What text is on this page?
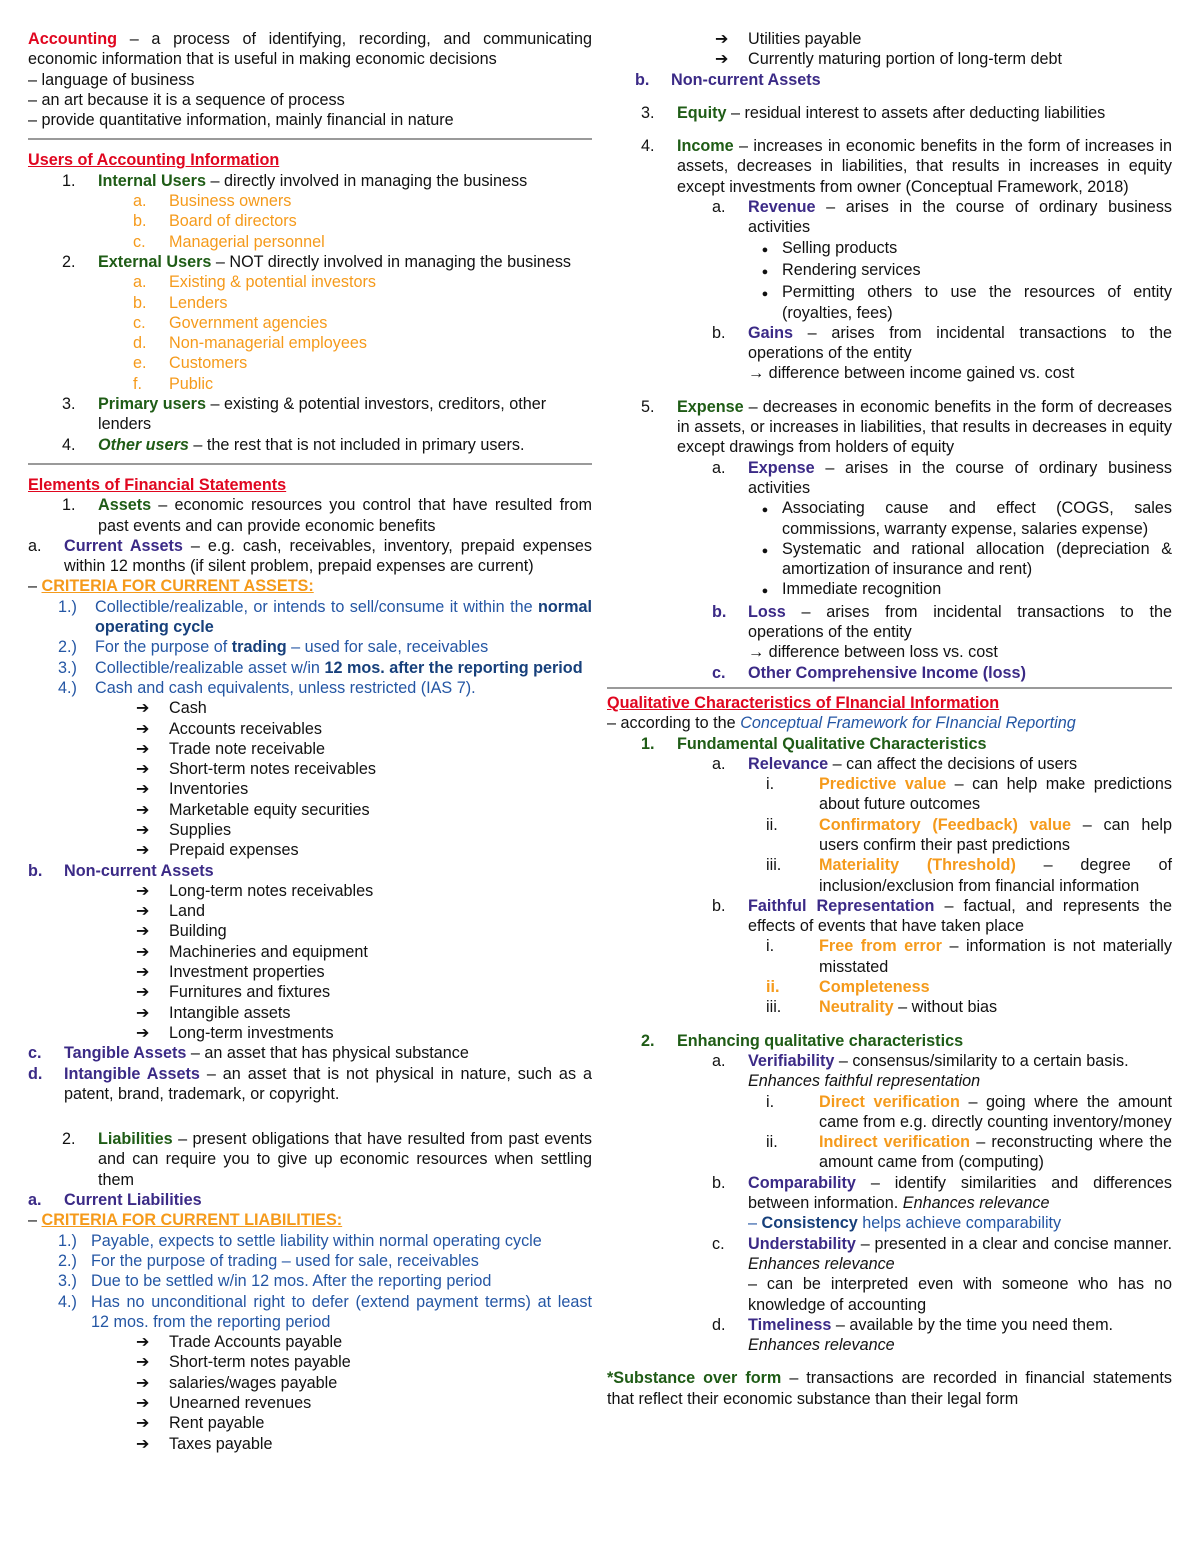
Accounting – a process of identifying, recording, and communicating economic information that is useful in making economic decisions

– language of business

– an art because it is a sequence of process

– provide quantitative information, mainly financial in nature

Users of Accounting Information

1.	Internal Users – directly involved in managing the business
a.	Business owners
b.	Board of directors
c.	Managerial personnel
2.	External Users – NOT directly involved in managing the business
a.	Existing & potential investors
b.	Lenders
c.	Government agencies
d.	Non-managerial employees
e.	Customers
f.	Public
3.	Primary users – existing & potential investors, creditors, other lenders
4.	Other users – the rest that is not included in primary users.

Elements of Financial Statements

1.	Assets – economic resources you control that have resulted from past events and can provide economic benefits
a.	Current Assets – e.g. cash, receivables, inventory, prepaid expenses within 12 months (if silent problem, prepaid expenses are current)

– CRITERIA FOR CURRENT ASSETS:

1.)	Collectible/realizable, or intends to sell/consume it within the normal operating cycle
2.)	For the purpose of trading – used for sale, receivables
3.)	Collectible/realizable asset w/in 12 mos. after the reporting period
4.)	Cash and cash equivalents, unless restricted (IAS 7).
➔	Cash
➔	Accounts receivables
➔	Trade note receivable
➔	Short-term notes receivables
➔	Inventories
➔	Marketable equity securities
➔	Supplies
➔	Prepaid expenses
b.	Non-current Assets
➔	Long-term notes receivables
➔	Land
➔	Building
➔	Machineries and equipment
➔	Investment properties
➔	Furnitures and fixtures
➔	Intangible assets
➔	Long-term investments
c.	Tangible Assets – an asset that has physical substance
d.	Intangible Assets – an asset that is not physical in nature, such as a patent, brand, trademark, or copyright.
2.	Liabilities – present obligations that have resulted from past events and can require you to give up economic resources when settling them
a.	Current Liabilities

– CRITERIA FOR CURRENT LIABILITIES:

1.) Payable, expects to settle liability within normal operating cycle
2.) For the purpose of trading – used for sale, receivables
3.) Due to be settled w/in 12 mos. After the reporting period
4.) Has no unconditional right to defer (extend payment terms) at least 12 mos. from the reporting period
➔	Trade Accounts payable
➔	Short-term notes payable
➔	salaries/wages payable
➔	Unearned revenues
➔	Rent payable
➔	Taxes payable
➔	Utilities payable
➔	Currently maturing portion of long-term debt
b.	Non-current Assets
3.	Equity – residual interest to assets after deducting liabilities
4.	Income – increases in economic benefits in the form of increases in assets, decreases in liabilities, that results in increases in equity except investments from owner (Conceptual Framework, 2018)
a.	Revenue – arises in the course of ordinary business activities
●
Selling products
●
Rendering services
●
Permitting others to use the resources of entity (royalties, fees)
b.	Gains – arises from incidental transactions to the operations of the entity
→ difference between income gained vs. cost
5.	Expense – decreases in economic benefits in the form of decreases in assets, or increases in liabilities, that results in decreases in equity except drawings from holders of equity
a.	Expense – arises in the course of ordinary business activities
●
Associating cause and effect (COGS, sales commissions, warranty expense, salaries expense)
●
Systematic and rational allocation (depreciation & amortization of insurance and rent)
●
Immediate recognition
b.	Loss – arises from incidental transactions to the operations of the entity
→ difference between loss vs. cost
c.	Other Comprehensive Income (loss)

Qualitative Characteristics of FInancial Information

– according to the Conceptual Framework for FInancial Reporting

1.	Fundamental Qualitative Characteristics
a.	Relevance – can affect the decisions of users
i.	Predictive value – can help make predictions about future outcomes
ii.	Confirmatory (Feedback) value – can help users confirm their past predictions
iii.	Materiality (Threshold) – degree of inclusion/exclusion from financial information
b.	Faithful Representation – factual, and represents the effects of events that have taken place
i.	Free from error – information is not materially misstated
ii.	Completeness
iii.	Neutrality – without bias
2.	Enhancing qualitative characteristics
a.	Verifiability – consensus/similarity to a certain basis.
Enhances faithful representation
i.	Direct verification – going where the amount came from e.g. directly counting inventory/money
ii.	Indirect verification – reconstructing where the amount came from (computing)
b.	Comparability – identify similarities and differences between information. Enhances relevance
– Consistency helps achieve comparability
c.	Understability – presented in a clear and concise manner. Enhances relevance
– can be interpreted even with someone who has no knowledge of accounting
d.	Timeliness – available by the time you need them.
Enhances relevance

*Substance over form – transactions are recorded in financial statements that reflect their economic substance than their legal form
